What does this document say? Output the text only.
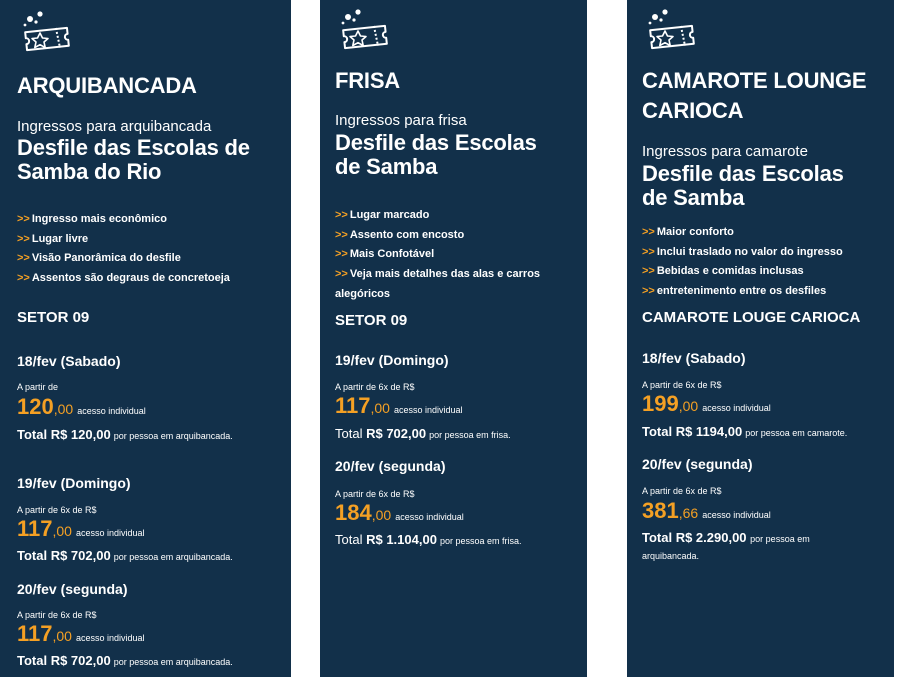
ARQUIBANCADA
Ingressos para arquibancada
Desfile das Escolas de Samba do Rio
>> Ingresso mais econômico
>> Lugar livre
>> Visão Panorâmica do desfile
>> Assentos são degraus de concretoeja
SETOR 09
18/fev (Sabado)
A partir de
120,00 acesso individual
Total R$ 120,00 por pessoa em arquibancada.
19/fev (Domingo)
A partir de 6x de R$
117,00 acesso individual
Total R$ 702,00 por pessoa em arquibancada.
20/fev (segunda)
A partir de 6x de R$
117,00 acesso individual
Total R$ 702,00 por pessoa em arquibancada.
FRISA
Ingressos para frisa
Desfile das Escolas de Samba
>> Lugar marcado
>> Assento com encosto
>> Mais Confotável
>> Veja mais detalhes das alas e carros alegóricos
SETOR 09
19/fev (Domingo)
A partir de 6x de R$
117,00 acesso individual
Total R$ 702,00 por pessoa em frisa.
20/fev (segunda)
A partir de 6x de R$
184,00 acesso individual
Total R$ 1.104,00 por pessoa em frisa.
CAMAROTE LOUNGE CARIOCA
Ingressos para camarote
Desfile das Escolas de Samba
>> Maior conforto
>> Inclui traslado no valor do ingresso
>> Bebidas e comidas inclusas
>> entretenimento entre os desfiles
CAMAROTE LOUGE CARIOCA
18/fev (Sabado)
A partir de 6x de R$
199,00 acesso individual
Total R$ 1194,00 por pessoa em camarote.
20/fev (segunda)
A partir de 6x de R$
381,66 acesso individual
Total R$ 2.290,00 por pessoa em arquibancada.
